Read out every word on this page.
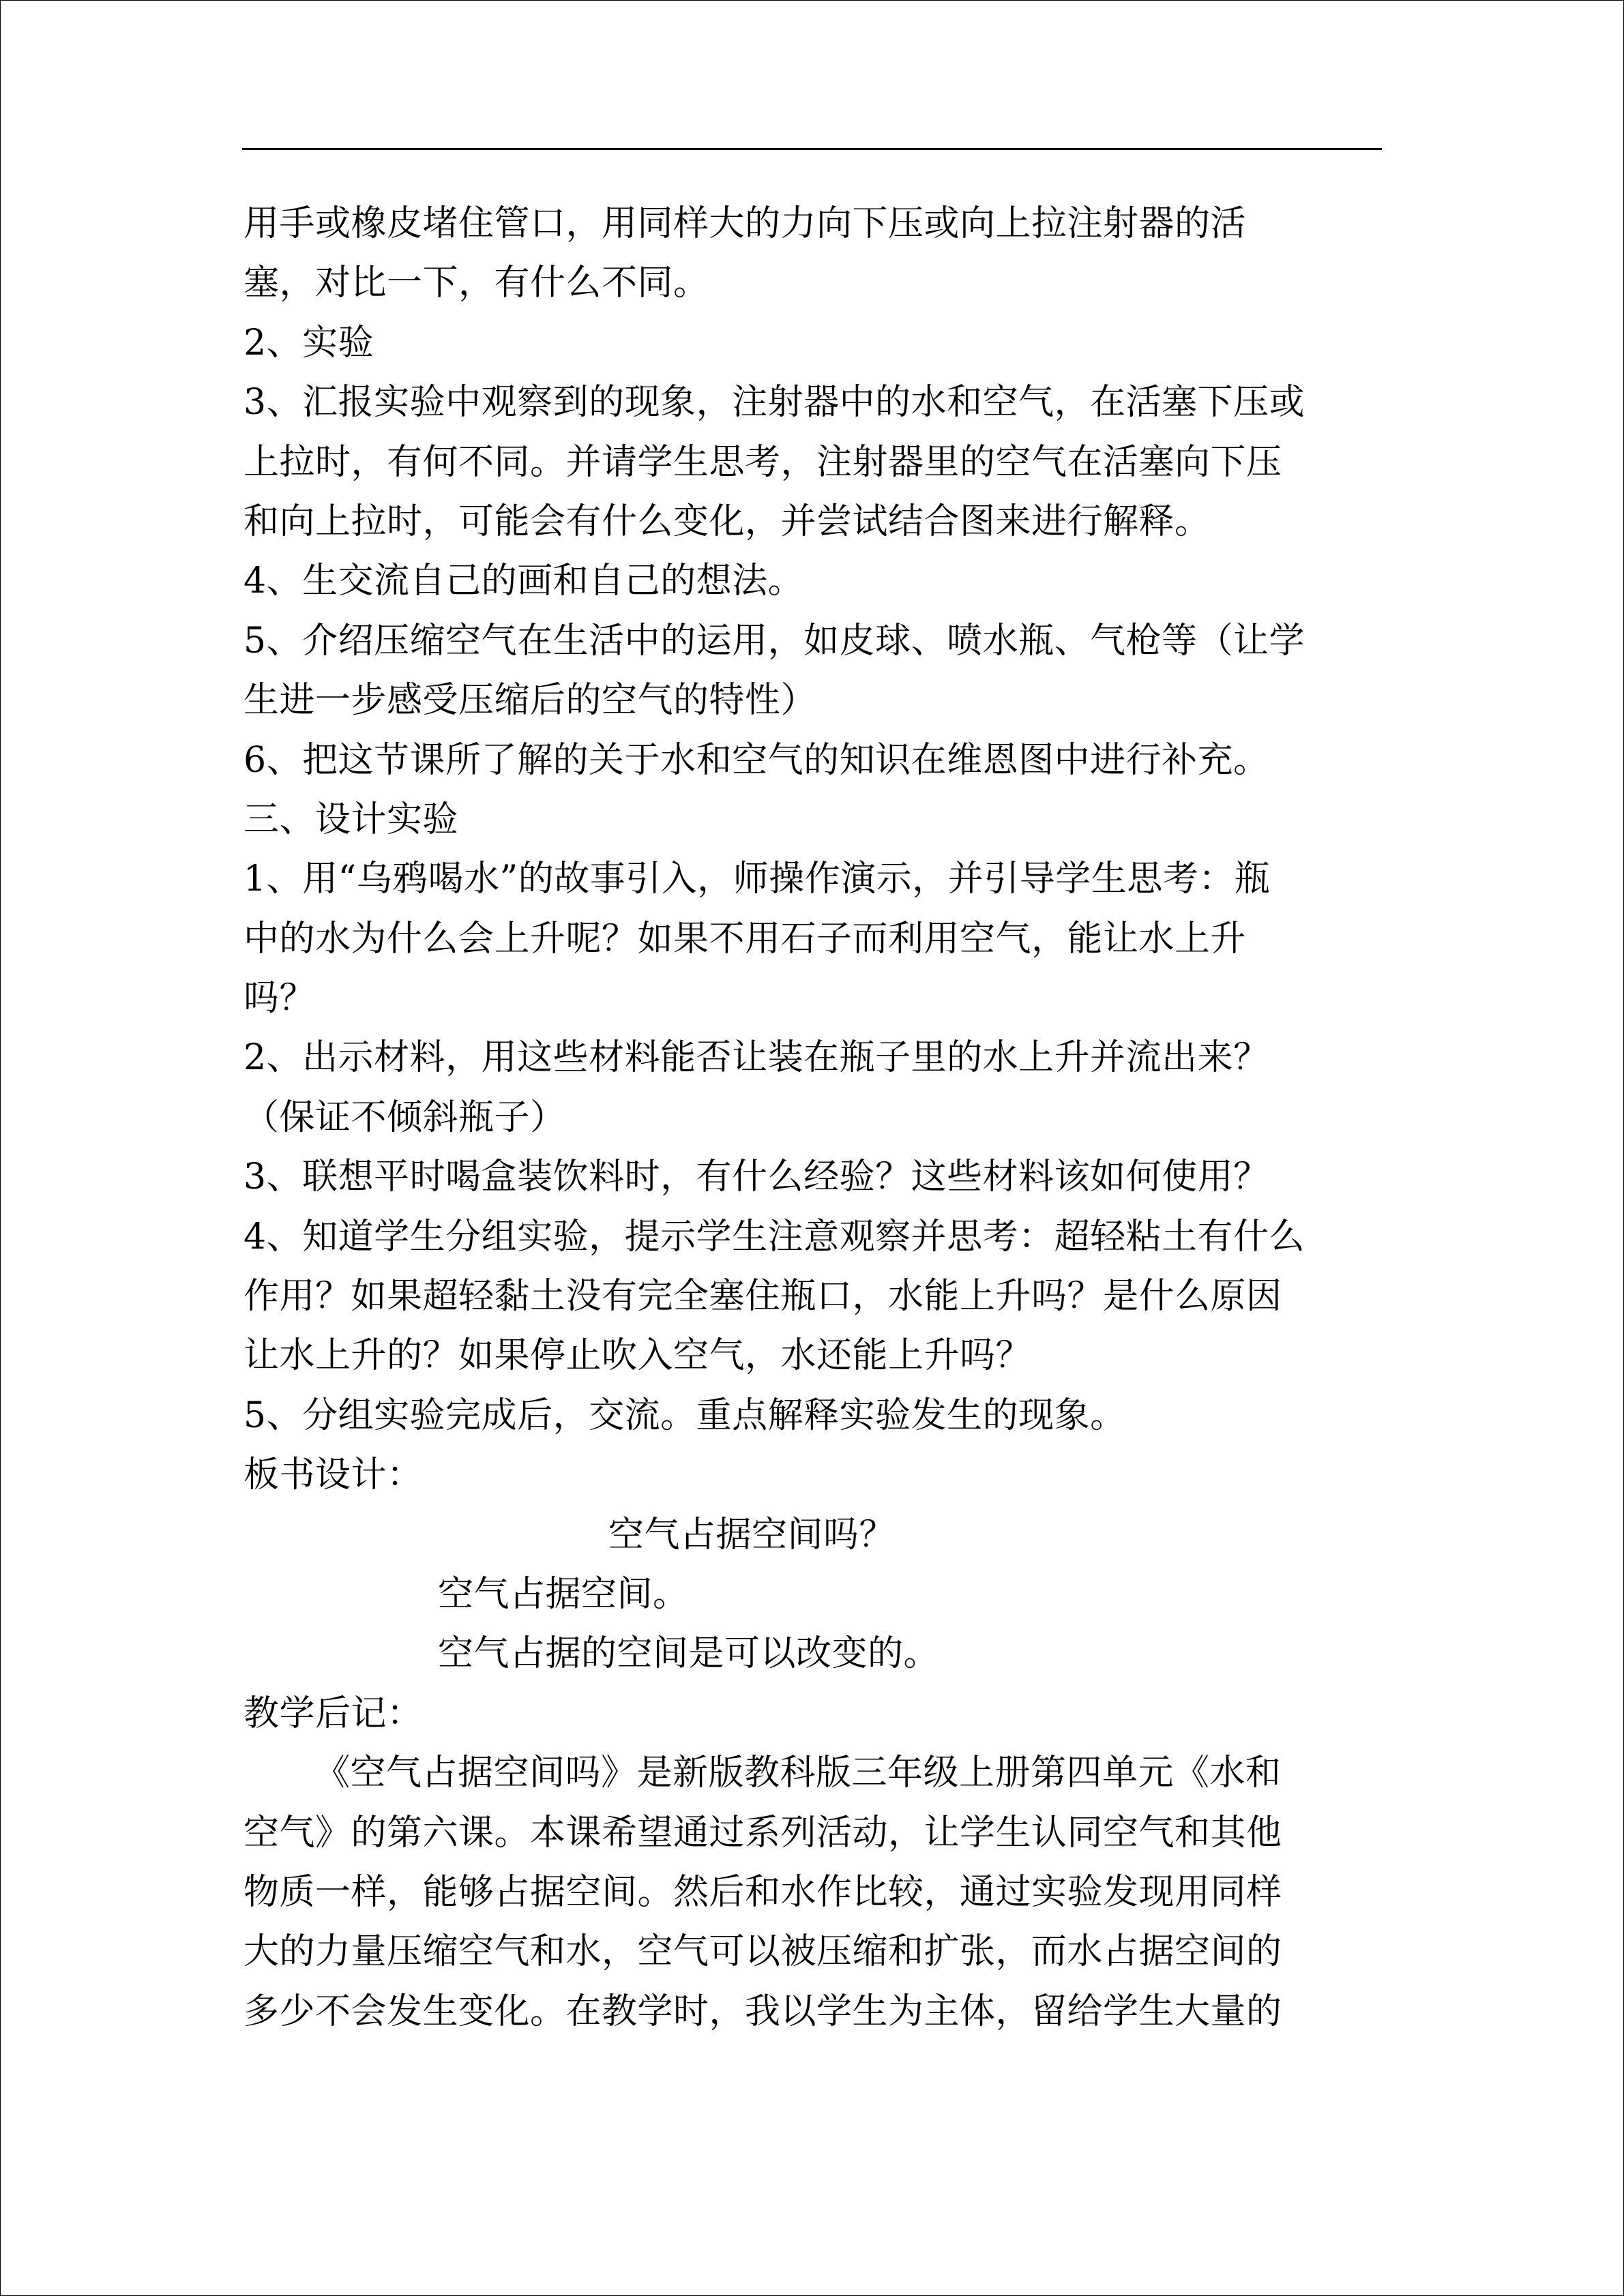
用手或橡皮堵住管口，用同样大的力向下压或向上拉注射器的活
塞，对比一下，有什么不同。
2、实验
3、汇报实验中观察到的现象，注射器中的水和空气，在活塞下压或
上拉时，有何不同。并请学生思考，注射器里的空气在活塞向下压
和向上拉时，可能会有什么变化，并尝试结合图来进行解释。
4、生交流自己的画和自己的想法。
5、介绍压缩空气在生活中的运用，如皮球、喷水瓶、气枪等（让学
生进一步感受压缩后的空气的特性）
6、把这节课所了解的关于水和空气的知识在维恩图中进行补充。
三、设计实验
1、用“乌鸦喝水”的故事引入，师操作演示，并引导学生思考：瓶
中的水为什么会上升呢？如果不用石子而利用空气，能让水上升
吗？
2、出示材料，用这些材料能否让装在瓶子里的水上升并流出来？
（保证不倾斜瓶子）
3、联想平时喝盒装饮料时，有什么经验？这些材料该如何使用？
4、知道学生分组实验，提示学生注意观察并思考：超轻粘土有什么
作用？如果超轻黏土没有完全塞住瓶口，水能上升吗？是什么原因
让水上升的？如果停止吹入空气，水还能上升吗？
5、分组实验完成后，交流。重点解释实验发生的现象。
板书设计：
空气占据空间吗？
空气占据空间。
空气占据的空间是可以改变的。
教学后记：
《空气占据空间吗》是新版教科版三年级上册第四单元《水和
空气》的第六课。本课希望通过系列活动，让学生认同空气和其他
物质一样，能够占据空间。然后和水作比较，通过实验发现用同样
大的力量压缩空气和水，空气可以被压缩和扩张，而水占据空间的
多少不会发生变化。在教学时，我以学生为主体，留给学生大量的
